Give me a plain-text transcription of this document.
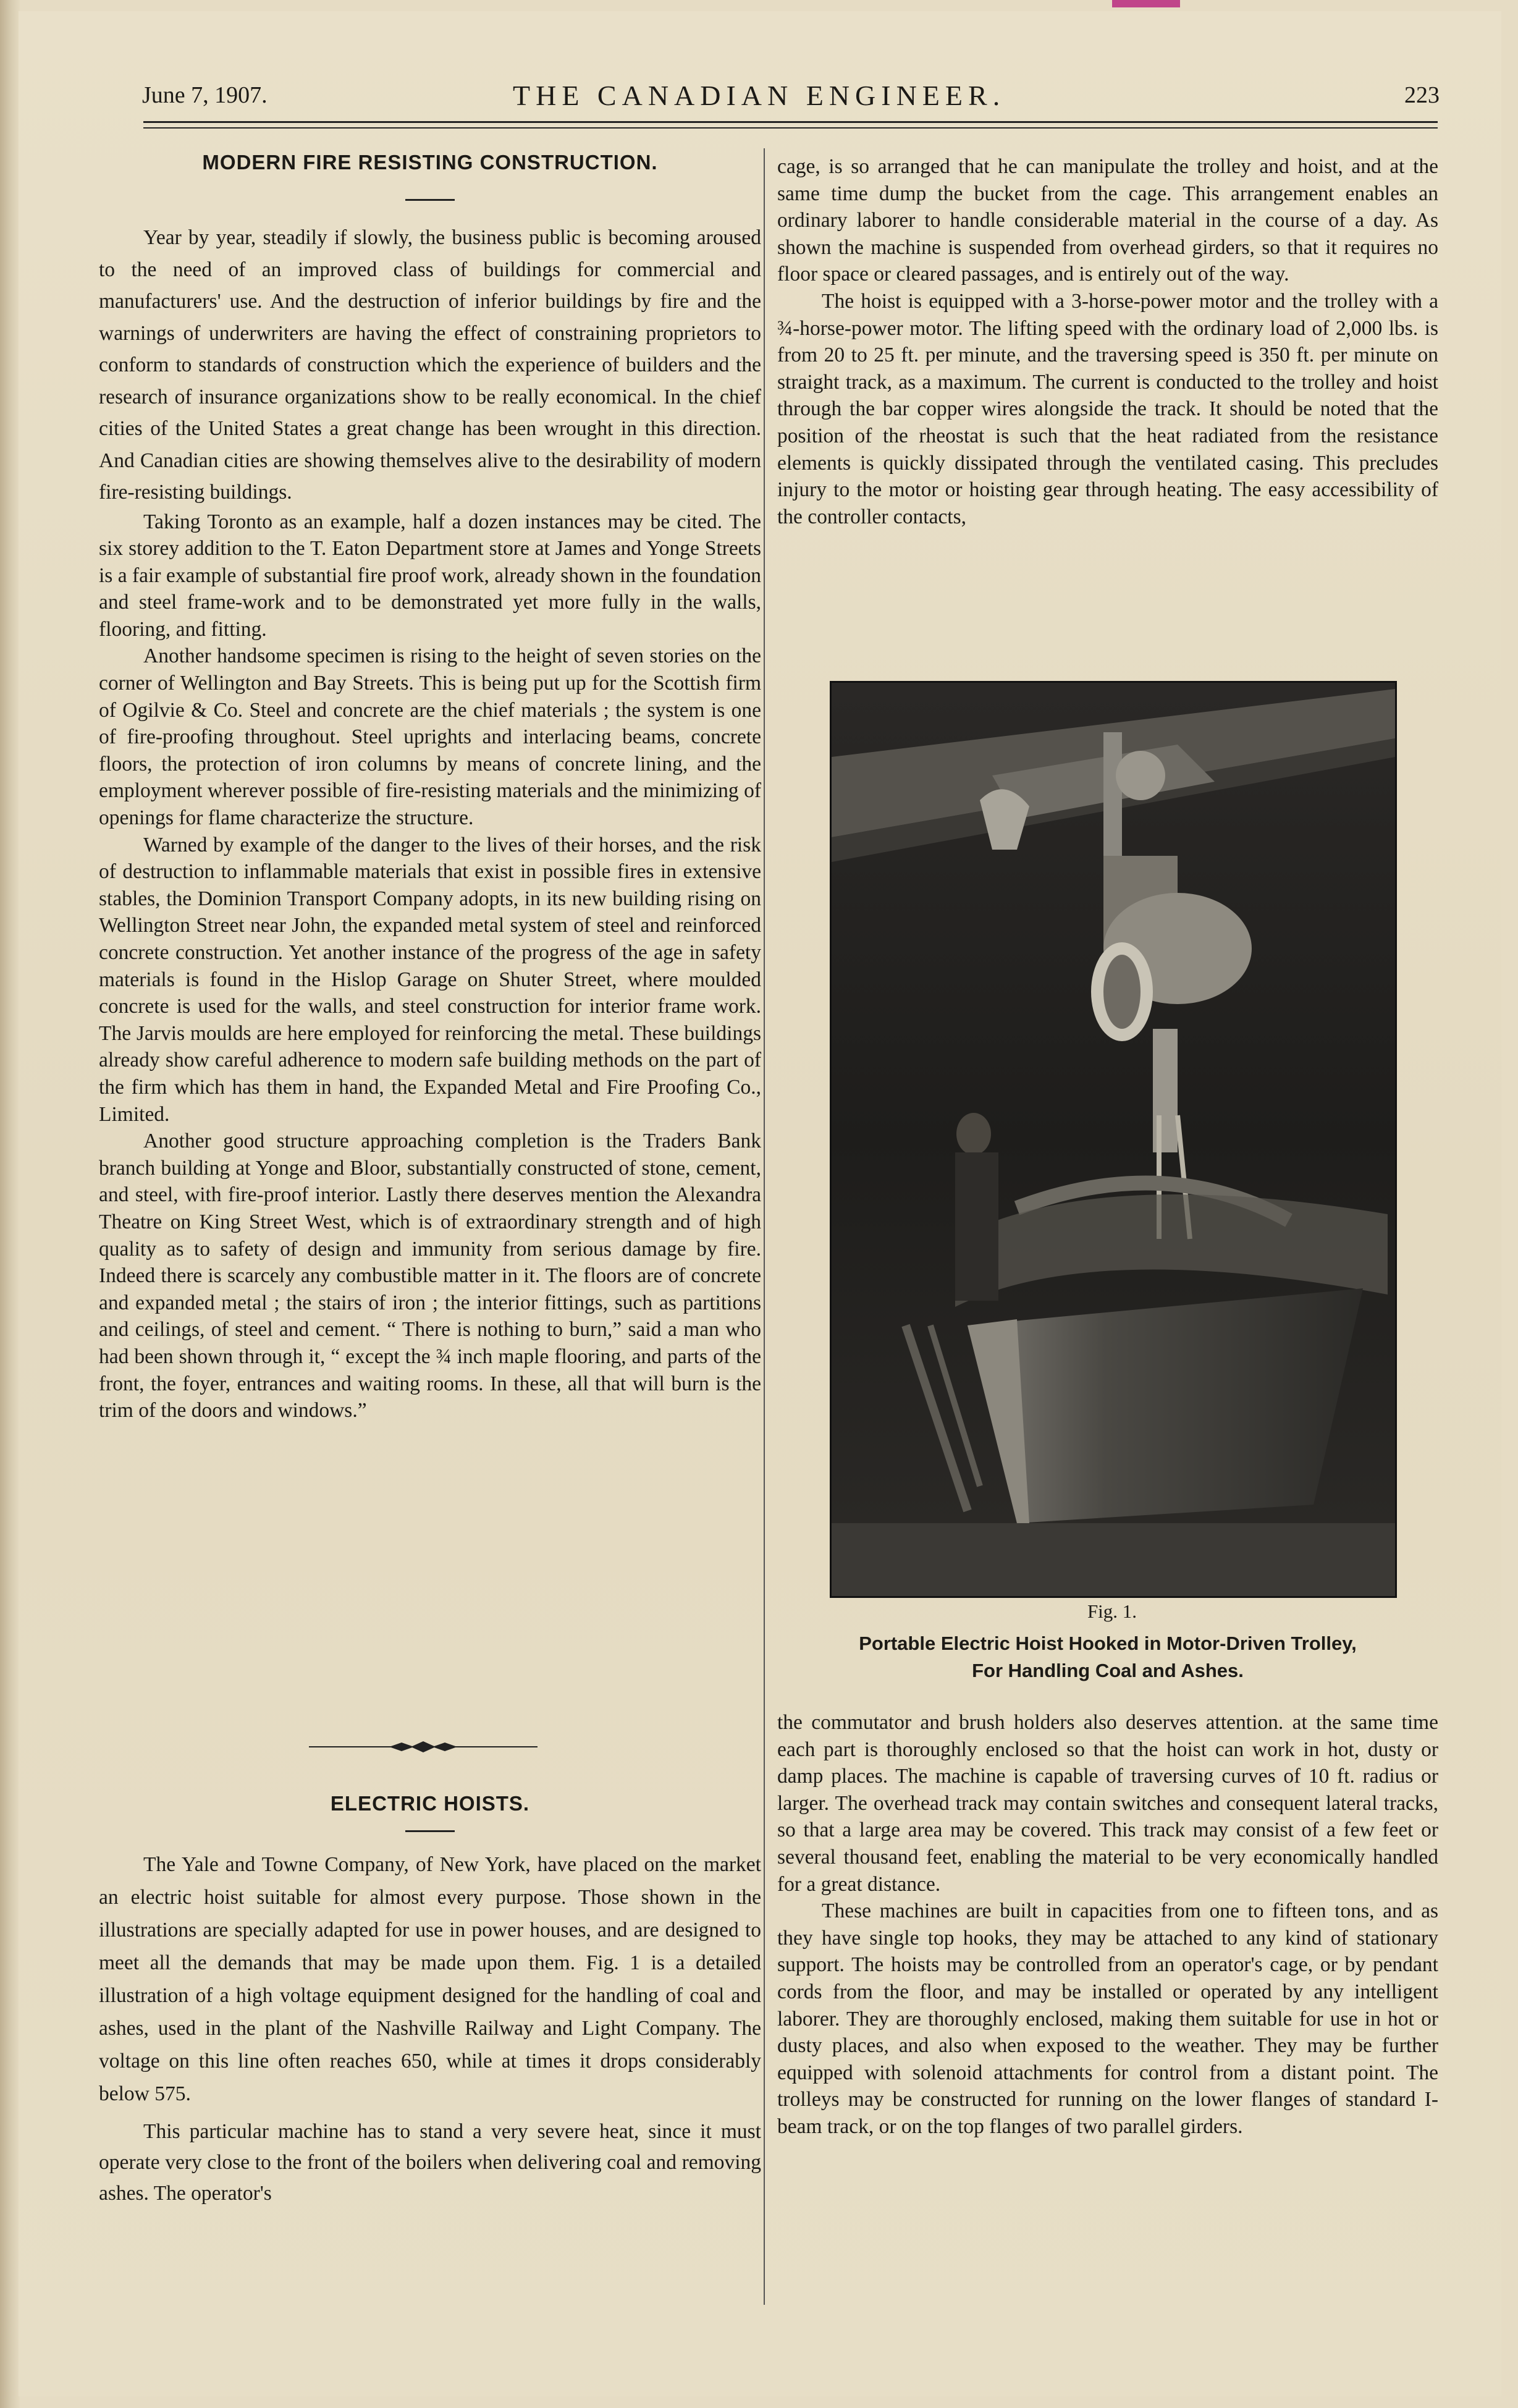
June 7, 1907.	THE CANADIAN ENGINEER.	223
MODERN FIRE RESISTING CONSTRUCTION.

Year by year, steadily if slowly, the business public is becoming aroused to the need of an improved class of buildings for commercial and manufacturers' use. And the destruction of inferior buildings by fire and the warnings of underwriters are having the effect of constraining proprietors to conform to standards of construction which the experience of builders and the research of insurance organizations show to be really economical. In the chief cities of the United States a great change has been wrought in this direction. And Canadian cities are showing themselves alive to the desirability of modern fire-resisting buildings.

Taking Toronto as an example, half a dozen instances may be cited. The six storey addition to the T. Eaton Department store at James and Yonge Streets is a fair example of substantial fire proof work, already shown in the foundation and steel frame-work and to be demonstrated yet more fully in the walls, flooring, and fitting.

Another handsome specimen is rising to the height of seven stories on the corner of Wellington and Bay Streets. This is being put up for the Scottish firm of Ogilvie & Co. Steel and concrete are the chief materials ; the system is one of fire-proofing throughout. Steel uprights and interlacing beams, concrete floors, the protection of iron columns by means of concrete lining, and the employment wherever possible of fire-resisting materials and the minimizing of openings for flame characterize the structure.

Warned by example of the danger to the lives of their horses, and the risk of destruction to inflammable materials that exist in possible fires in extensive stables, the Dominion Transport Company adopts, in its new building rising on Wellington Street near John, the expanded metal system of steel and reinforced concrete construction. Yet another instance of the progress of the age in safety materials is found in the Hislop Garage on Shuter Street, where moulded concrete is used for the walls, and steel construction for interior frame work. The Jarvis moulds are here employed for reinforcing the metal. These buildings already show careful adherence to modern safe building methods on the part of the firm which has them in hand, the Expanded Metal and Fire Proofing Co., Limited.

Another good structure approaching completion is the Traders Bank branch building at Yonge and Bloor, substantially constructed of stone, cement, and steel, with fire-proof interior. Lastly there deserves mention the Alexandra Theatre on King Street West, which is of extraordinary strength and of high quality as to safety of design and immunity from serious damage by fire. Indeed there is scarcely any combustible matter in it. The floors are of concrete and expanded metal ; the stairs of iron ; the interior fittings, such as partitions and ceilings, of steel and cement. “ There is nothing to burn,” said a man who had been shown through it, “ except the ¾ inch maple flooring, and parts of the front, the foyer, entrances and waiting rooms. In these, all that will burn is the trim of the doors and windows.”

ELECTRIC HOISTS.

The Yale and Towne Company, of New York, have placed on the market an electric hoist suitable for almost every purpose. Those shown in the illustrations are specially adapted for use in power houses, and are designed to meet all the demands that may be made upon them. Fig. 1 is a detailed illustration of a high voltage equipment designed for the handling of coal and ashes, used in the plant of the Nashville Railway and Light Company. The voltage on this line often reaches 650, while at times it drops considerably below 575.

This particular machine has to stand a very severe heat, since it must operate very close to the front of the boilers when delivering coal and removing ashes. The operator's

cage, is so arranged that he can manipulate the trolley and hoist, and at the same time dump the bucket from the cage. This arrangement enables an ordinary laborer to handle considerable material in the course of a day. As shown the machine is suspended from overhead girders, so that it requires no floor space or cleared passages, and is entirely out of the way.

The hoist is equipped with a 3-horse-power motor and the trolley with a ¾-horse-power motor. The lifting speed with the ordinary load of 2,000 lbs. is from 20 to 25 ft. per minute, and the traversing speed is 350 ft. per minute on straight track, as a maximum. The current is conducted to the trolley and hoist through the bar copper wires alongside the track. It should be noted that the position of the rheostat is such that the heat radiated from the resistance elements is quickly dissipated through the ventilated casing. This precludes injury to the motor or hoisting gear through heating. The easy accessibility of the controller contacts,

Fig. 1.
Portable Electric Hoist Hooked in Motor-Driven Trolley,
For Handling Coal and Ashes.

the commutator and brush holders also deserves attention. at the same time each part is thoroughly enclosed so that the hoist can work in hot, dusty or damp places. The machine is capable of traversing curves of 10 ft. radius or larger. The overhead track may contain switches and consequent lateral tracks, so that a large area may be covered. This track may consist of a few feet or several thousand feet, enabling the material to be very economically handled for a great distance.

These machines are built in capacities from one to fifteen tons, and as they have single top hooks, they may be attached to any kind of stationary support. The hoists may be controlled from an operator's cage, or by pendant cords from the floor, and may be installed or operated by any intelligent laborer. They are thoroughly enclosed, making them suitable for use in hot or dusty places, and also when exposed to the weather. They may be further equipped with solenoid attachments for control from a distant point. The trolleys may be constructed for running on the lower flanges of standard I-beam track, or on the top flanges of two parallel girders.
